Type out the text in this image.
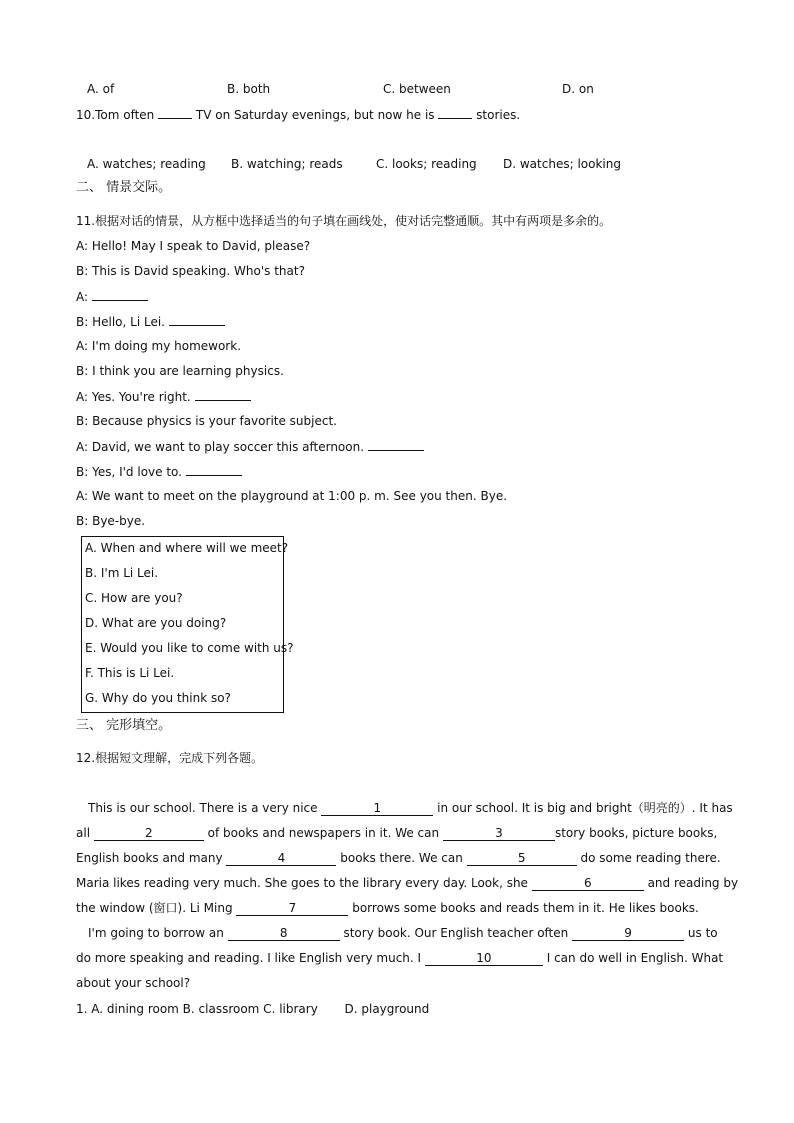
A. of	B. both	C. between	D. on
10.Tom often	TV on Saturday evenings, but now he is	stories.
A. watches; reading B. watching; reads	C. looks; reading D. watches; looking
二、 情景交际。
11.根据对话的情景，从方框中选择适当的句子填在画线处，使对话完整通顺。其中有两项是多余的。
A: Hello! May I speak to David, please?
B: This is David speaking. Who's that?
A:
B: Hello, Li Lei.
A: I'm doing my homework.
B: I think you are learning physics.
A: Yes. You're right.
B: Because physics is your favorite subject.
A: David, we want to play soccer this afternoon.
B: Yes, I'd love to.
A: We want to meet on the playground at 1:00 p. m. See you then. Bye.
B: Bye-bye.
A. When and where will we meet?
B. I'm Li Lei.
C. How are you?
D. What are you doing?
E. Would you like to come with us?
F. This is Li Lei.
G. Why do you think so?
三、 完形填空。
12.根据短文理解，完成下列各题。
This is our school. There is a very nice	1	in our school. It is big and bright（明亮的）. It has
all	2	of books and newspapers in it. We can	3	story books, picture books,
English books and many	4	books there. We can	5	do some reading there.
Maria likes reading very much. She goes to the library every day. Look, she	6	and reading by
the window (窗口). Li Ming	7	borrows some books and reads them in it. He likes books.
I'm going to borrow an	8	story book. Our English teacher often	9	us to
do more speaking and reading. I like English very much. I	10	I can do well in English. What
about your school?
1. A. dining room B. classroom C. library       D. playground
